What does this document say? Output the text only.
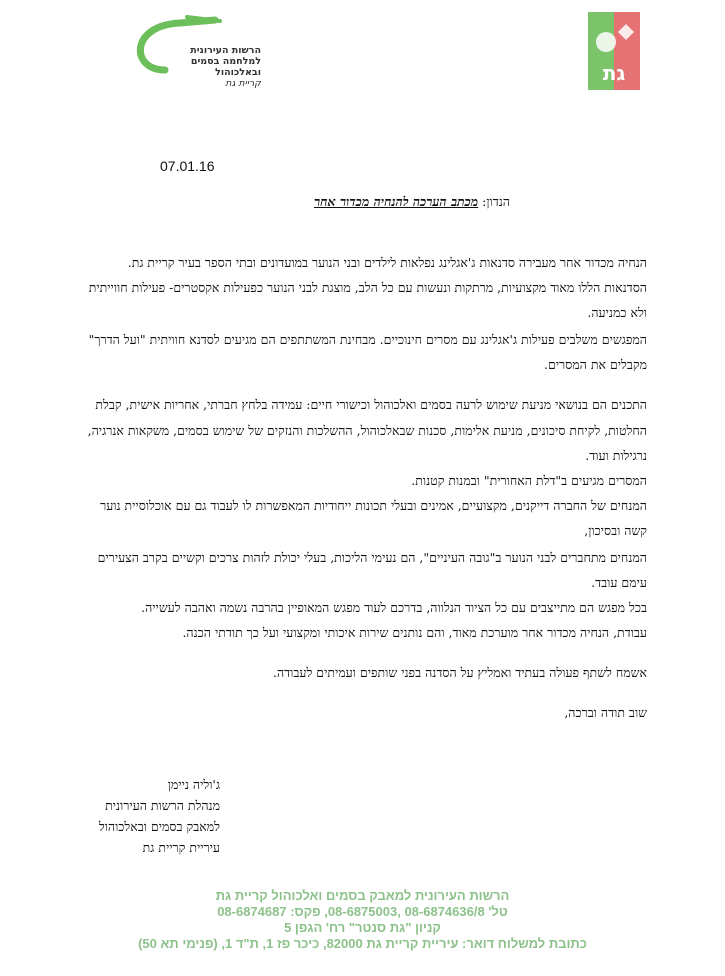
גת
הרשות העירונית
למלחמה בסמים
ובאלכוהול
קריית גת
07.01.16
הנדון: מכתב הערכה להנחיה מכדור אחר
הנחיה מכדור אחר מעבירה סדנאות ג'אגלינג נפלאות לילדים ובני הנוער במועדונים ובתי הספר בעיר קריית גת.
הסדנאות הללו מאוד מקצועיות, מרתקות ונעשות עם כל הלב, מוצגת לבני הנוער כפעילות אקסטרים- פעילות חווייתית
ולא כמניעה.
המפגשים משלבים פעילות ג'אגלינג עם מסרים חינוכיים. מבחינת המשתתפים הם מגיעים לסדנא חוויתית "ועל הדרך"
מקבלים את המסרים.
התכנים הם בנושאי מניעת שימוש לרעה בסמים ואלכוהול וכישורי חיים: עמידה בלחץ חברתי, אחריות אישית, קבלת
החלטות, לקיחת סיכונים, מניעת אלימות, סכנות שבאלכוהול, ההשלכות והנזקים של שימוש בסמים, משקאות אנרגיה,
נרגילות ועוד.
המסרים מגיעים ב"דלת האחורית" ובמנות קטנות.
המנחים של החברה דייקנים, מקצועיים, אמינים ובעלי תכונות ייחודיות המאפשרות לו לעבוד גם עם אוכלוסיית נוער
קשה ובסיכון,
המנחים מתחברים לבני הנוער ב"גובה העיניים", הם נעימי הליכות, בעלי יכולת לזהות צרכים וקשיים בקרב הצעירים
עימם עובד.
בכל מפגש הם מתייצבים עם כל הציוד הנלווה, בדרכם לעוד מפגש המאופיין בהרבה נשמה ואהבה לעשייה.
עבודת, הנחיה מכדור אחר מוערכת מאוד, והם נותנים שירות איכותי ומקצועי ועל כך תודתי הכנה.
אשמח לשתף פעולה בעתיד ואמליץ על הסדנה בפני שותפים ועמיתים לעבודה.
שוב תודה וברכה,
ג'וליה ניימן
מנהלת הרשות העירונית
למאבק בסמים ובאלכוהול
עיריית קריית גת
הרשות העירונית למאבק בסמים ואלכוהול קריית גת
טל' 08-6874636/8 ,08-6875003, פקס: 08-6874687
קניון "גת סנטר" רח' הגפן 5
כתובת למשלוח דואר: עיריית קריית גת 82000, כיכר פז 1, ת"ד 1, (פנימי תא 50)
